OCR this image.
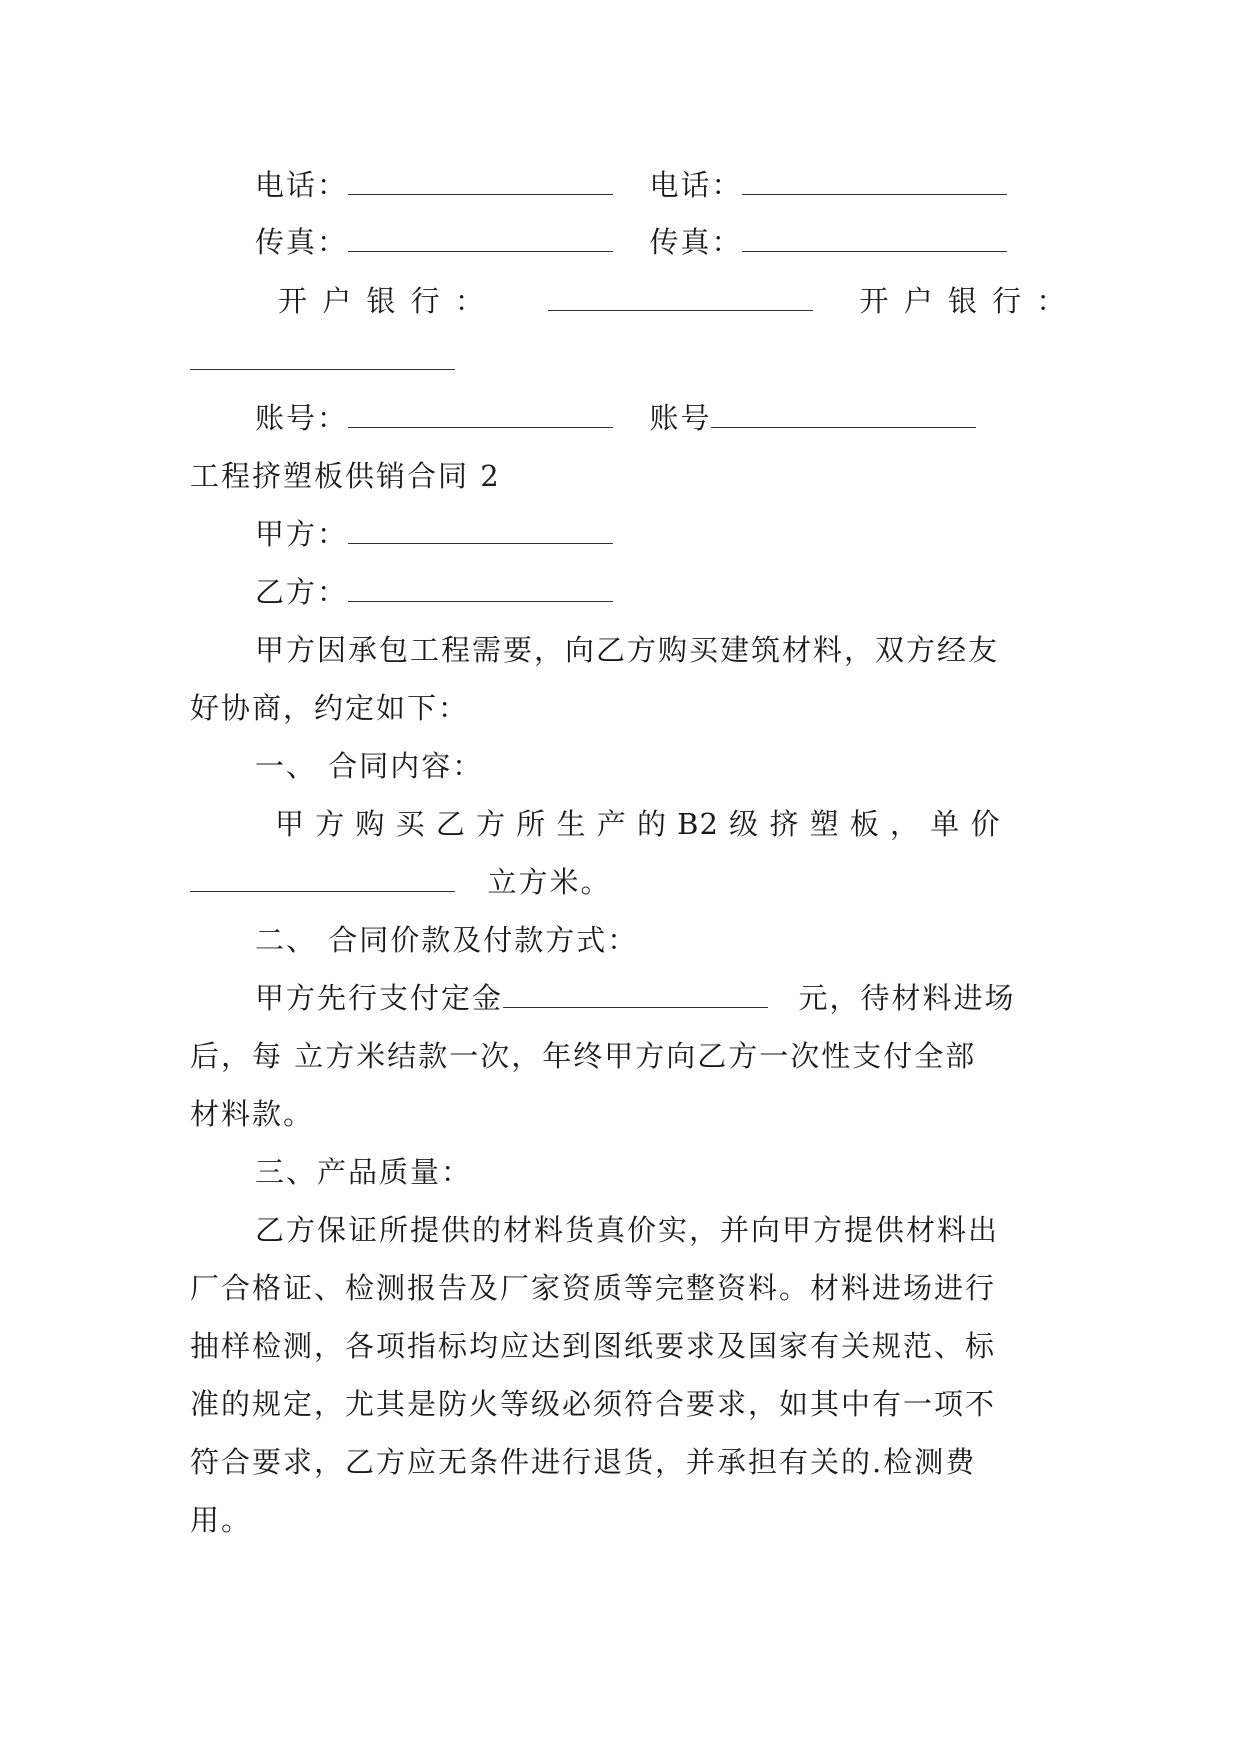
电话：	电话：
传真：	传真：
开 户 银 行 ：	开 户 银 行 ：
账号：	账号
工程挤塑板供销合同 2
甲方：
乙方：
甲方因承包工程需要，向乙方购买建筑材料，双方经友
好协商，约定如下：
一、 合同内容：
甲 方 购 买 乙 方 所 生 产 的 B2 级 挤 塑 板 ， 单 价
立方米。
二、 合同价款及付款方式：
甲方先行支付定金	元，待材料进场
后，每 立方米结款一次，年终甲方向乙方一次性支付全部
材料款。
三、产品质量：
乙方保证所提供的材料货真价实，并向甲方提供材料出
厂合格证、检测报告及厂家资质等完整资料。材料进场进行
抽样检测，各项指标均应达到图纸要求及国家有关规范、标
准的规定，尤其是防火等级必须符合要求，如其中有一项不
符合要求，乙方应无条件进行退货，并承担有关的.检测费
用。
